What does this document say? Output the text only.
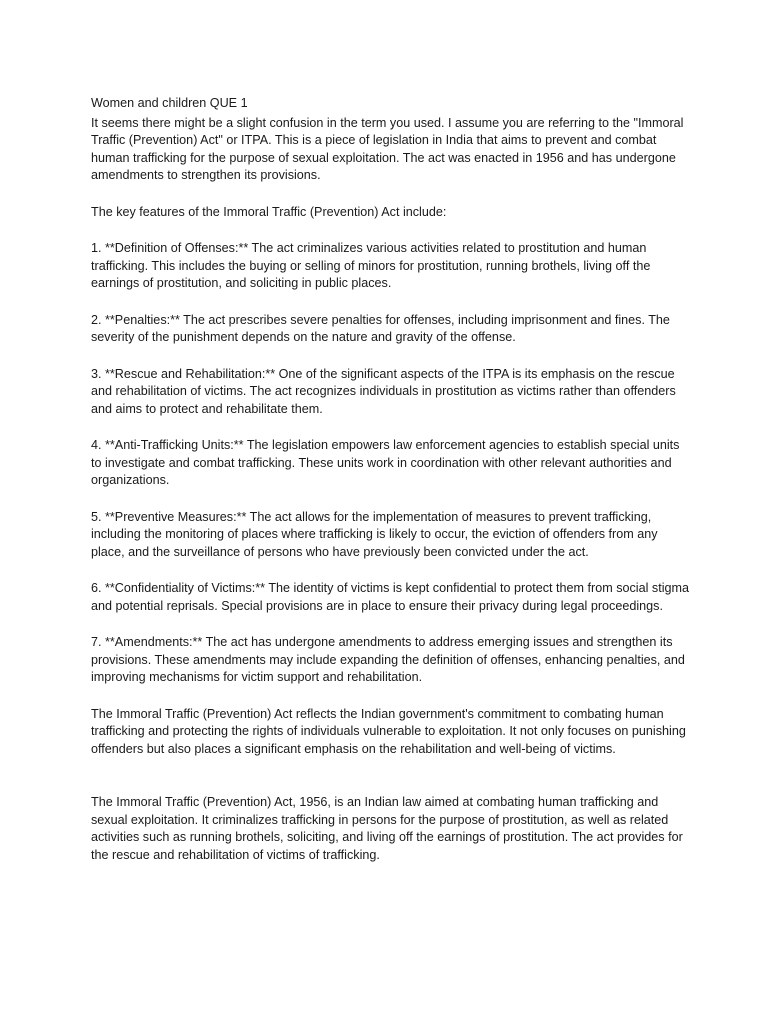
Women and children QUE 1

It seems there might be a slight confusion in the term you used. I assume you are referring to the "Immoral Traffic (Prevention) Act" or ITPA. This is a piece of legislation in India that aims to prevent and combat human trafficking for the purpose of sexual exploitation. The act was enacted in 1956 and has undergone amendments to strengthen its provisions.

The key features of the Immoral Traffic (Prevention) Act include:

1. **Definition of Offenses:** The act criminalizes various activities related to prostitution and human trafficking. This includes the buying or selling of minors for prostitution, running brothels, living off the earnings of prostitution, and soliciting in public places.

2. **Penalties:** The act prescribes severe penalties for offenses, including imprisonment and fines. The severity of the punishment depends on the nature and gravity of the offense.

3. **Rescue and Rehabilitation:** One of the significant aspects of the ITPA is its emphasis on the rescue and rehabilitation of victims. The act recognizes individuals in prostitution as victims rather than offenders and aims to protect and rehabilitate them.

4. **Anti-Trafficking Units:** The legislation empowers law enforcement agencies to establish special units to investigate and combat trafficking. These units work in coordination with other relevant authorities and organizations.

5. **Preventive Measures:** The act allows for the implementation of measures to prevent trafficking, including the monitoring of places where trafficking is likely to occur, the eviction of offenders from any place, and the surveillance of persons who have previously been convicted under the act.

6. **Confidentiality of Victims:** The identity of victims is kept confidential to protect them from social stigma and potential reprisals. Special provisions are in place to ensure their privacy during legal proceedings.

7. **Amendments:** The act has undergone amendments to address emerging issues and strengthen its provisions. These amendments may include expanding the definition of offenses, enhancing penalties, and improving mechanisms for victim support and rehabilitation.

The Immoral Traffic (Prevention) Act reflects the Indian government's commitment to combating human trafficking and protecting the rights of individuals vulnerable to exploitation. It not only focuses on punishing offenders but also places a significant emphasis on the rehabilitation and well-being of victims.

The Immoral Traffic (Prevention) Act, 1956, is an Indian law aimed at combating human trafficking and sexual exploitation. It criminalizes trafficking in persons for the purpose of prostitution, as well as related activities such as running brothels, soliciting, and living off the earnings of prostitution. The act provides for the rescue and rehabilitation of victims of trafficking.
